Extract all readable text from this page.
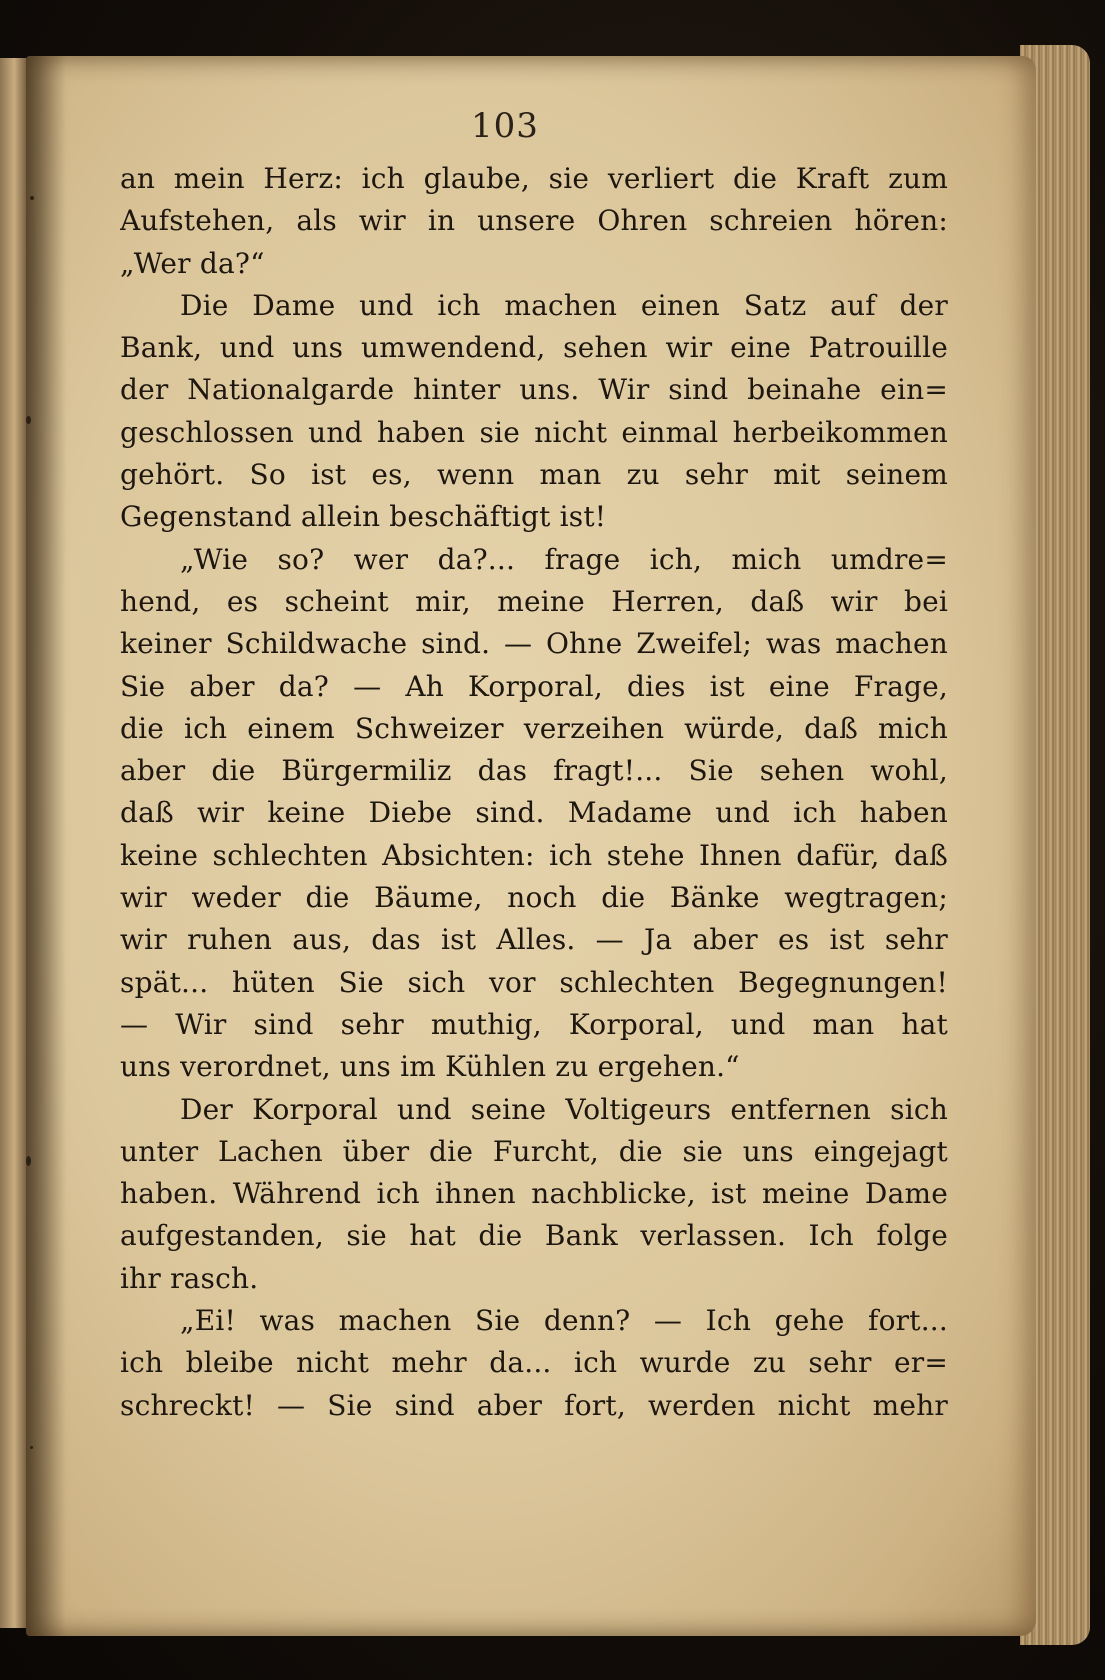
103
an mein Herz: ich glaube, sie verliert die Kraft zum
Aufstehen, als wir in unsere Ohren schreien hören:
„Wer da?“
Die Dame und ich machen einen Satz auf der
Bank, und uns umwendend, sehen wir eine Patrouille
der Nationalgarde hinter uns. Wir sind beinahe ein=
geschlossen und haben sie nicht einmal herbeikommen
gehört. So ist es, wenn man zu sehr mit seinem
Gegenstand allein beschäftigt ist!
„Wie so? wer da?... frage ich, mich umdre=
hend, es scheint mir, meine Herren, daß wir bei
keiner Schildwache sind. — Ohne Zweifel; was machen
Sie aber da? — Ah Korporal, dies ist eine Frage,
die ich einem Schweizer verzeihen würde, daß mich
aber die Bürgermiliz das fragt!... Sie sehen wohl,
daß wir keine Diebe sind. Madame und ich haben
keine schlechten Absichten: ich stehe Ihnen dafür, daß
wir weder die Bäume, noch die Bänke wegtragen;
wir ruhen aus, das ist Alles. — Ja aber es ist sehr
spät... hüten Sie sich vor schlechten Begegnungen!
— Wir sind sehr muthig, Korporal, und man hat
uns verordnet, uns im Kühlen zu ergehen.“
Der Korporal und seine Voltigeurs entfernen sich
unter Lachen über die Furcht, die sie uns eingejagt
haben. Während ich ihnen nachblicke, ist meine Dame
aufgestanden, sie hat die Bank verlassen. Ich folge
ihr rasch.
„Ei! was machen Sie denn? — Ich gehe fort...
ich bleibe nicht mehr da... ich wurde zu sehr er=
schreckt! — Sie sind aber fort, werden nicht mehr
